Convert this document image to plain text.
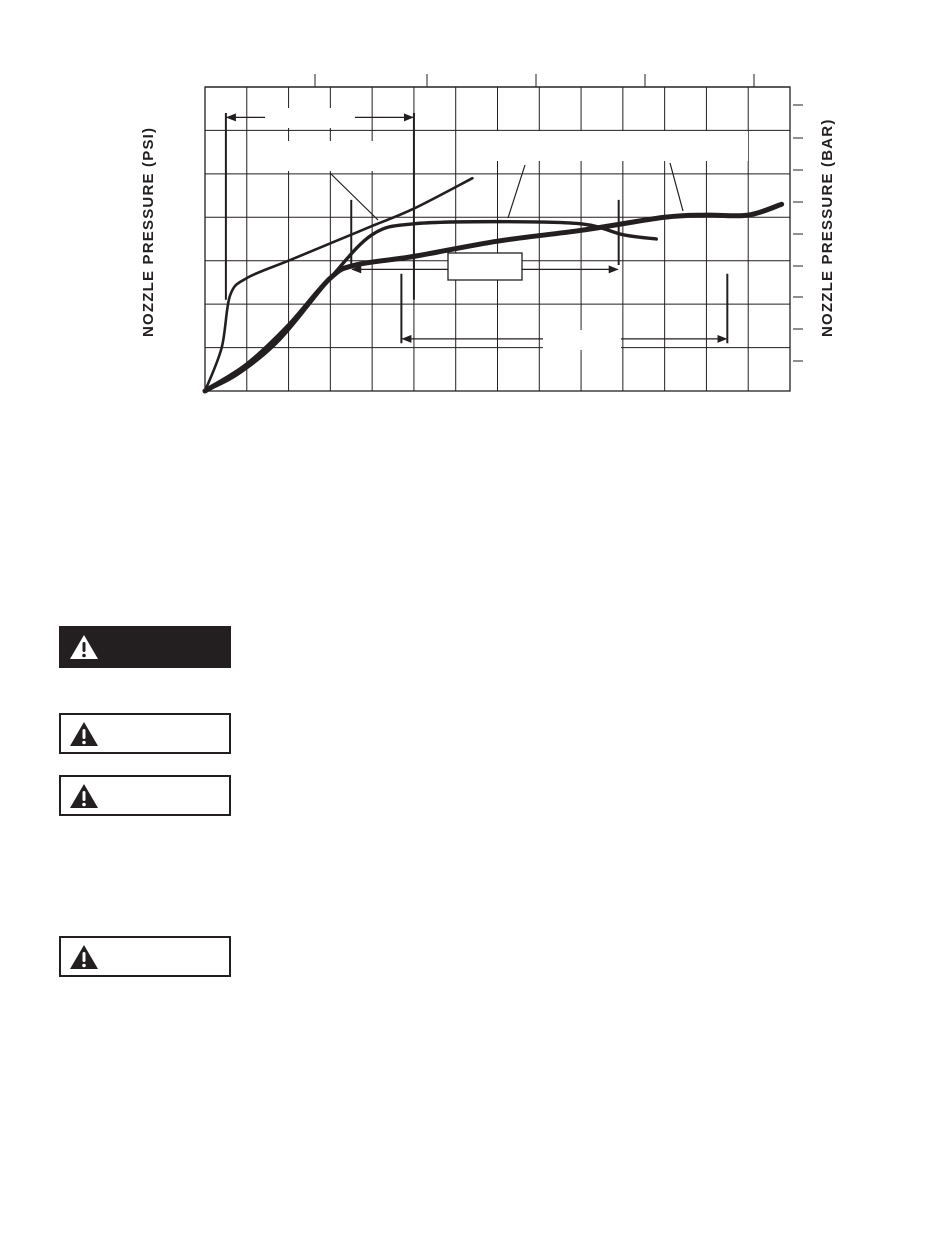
NOZZLE PRESSURE (PSI)	NOZZLE PRESSURE (BAR)
